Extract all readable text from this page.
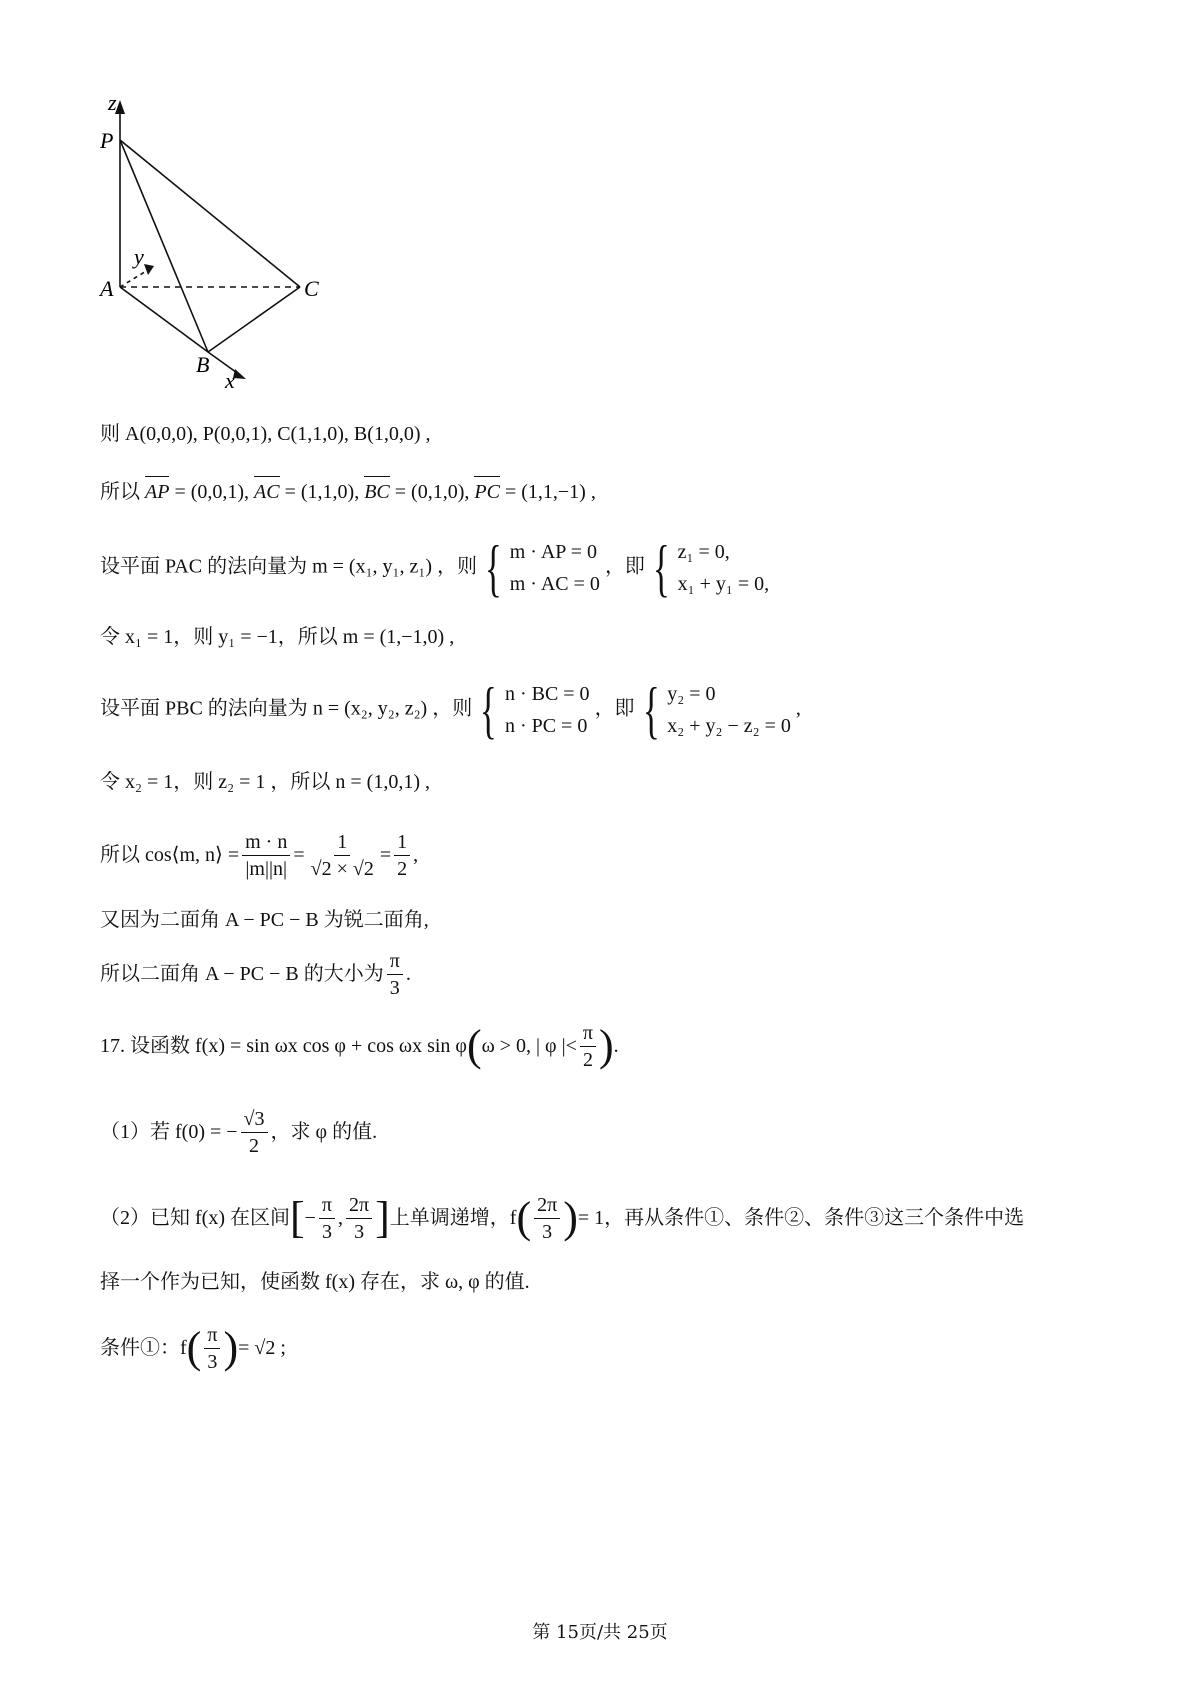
z
P
y
A	C
B
x
则 A(0,0,0), P(0,0,1), C(1,1,0), B(1,0,0) ,
所以 AP = (0,0,1), AC = (1,1,0), BC = (0,1,0), PC = (1,1,−1) ,
设平面 PAC 的法向量为 m = (x₁, y₁, z₁) ，则 { m · AP = 0
m · AC = 0
，即 { z₁ = 0,
x₁ + y₁ = 0,
令 x₁ = 1，则 y₁ = −1，所以 m = (1,−1,0) ,
设平面 PBC 的法向量为 n = (x₂, y₂, z₂) ，则 { n · BC = 0
n · PC = 0
，即 { y₂ = 0
x₂ + y₂ − z₂ = 0
,
令 x₂ = 1，则 z₂ = 1 ，所以 n = (1,0,1) ,
所以 cos⟨m, n⟩ = $\frac{m \cdot n}{|m||n|} = \frac{1}{√2 \times √2} = \frac{1}{2}$ ,
又因为二面角 A − PC − B 为锐二面角,
所以二面角 A − PC − B 的大小为 $\frac{\pi}{3}$ .
17. 设函数 f(x) = sin ωx cos φ + cos ωx sin φ ( ω > 0, | φ |< $\frac{\pi}{2}$ ) .
（1）若 f(0) = − $\frac{√3}{2}$ ，求 φ 的值.
（2）已知 f(x) 在区间 [ − $\frac{\pi}{3}$ , $\frac{2\pi}{3}$ ] 上单调递增，f ( $\frac{2\pi}{3}$ ) = 1，再从条件①、条件②、条件③这三个条件中选
择一个作为已知，使函数 f(x) 存在，求 ω, φ 的值.
条件①：f ( $\frac{\pi}{3}$ ) = √2 ;
第 15页/共 25页
